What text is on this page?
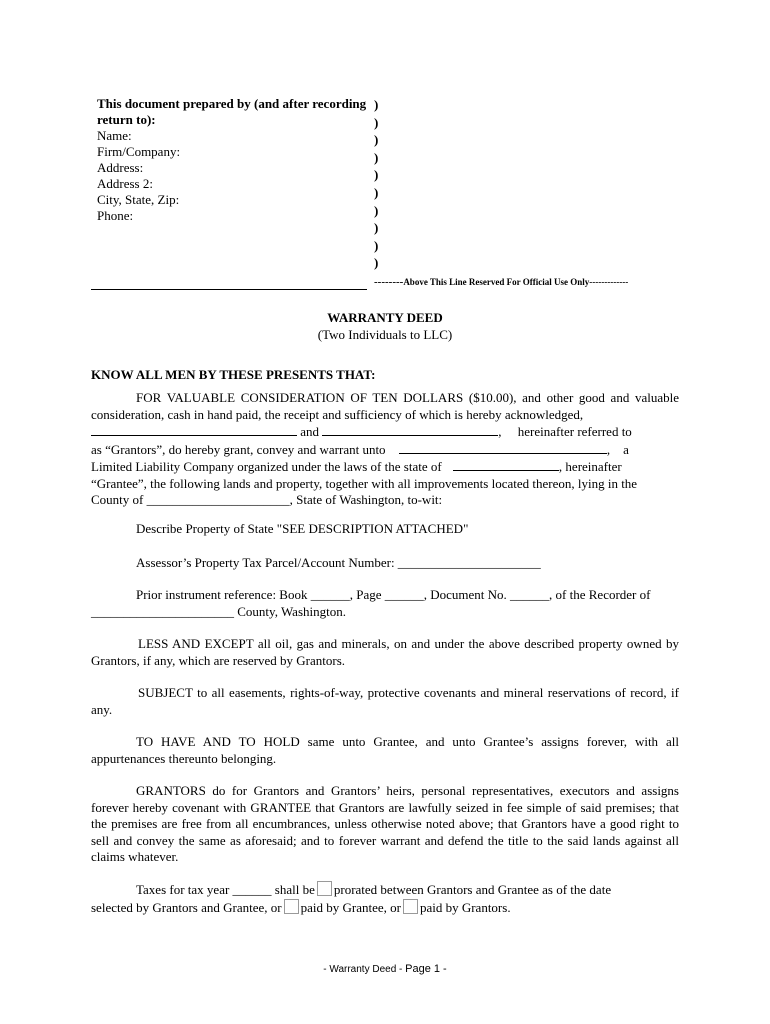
This document prepared by (and after recording
return to):
Name:
Firm/Company:
Address:
Address 2:
City, State, Zip:
Phone:
)
)
)
)
)
)
)
)
)
)
--------Above This Line Reserved For Official Use Only-------------
WARRANTY DEED
(Two Individuals to LLC)
KNOW ALL MEN BY THESE PRESENTS THAT:
FOR VALUABLE CONSIDERATION OF TEN DOLLARS ($10.00), and other good and valuable consideration, cash in hand paid, the receipt and sufficiency of which is hereby acknowledged,
and	,     hereinafter referred to
as “Grantors”, do hereby grant, convey and warrant unto	,    a
Limited Liability Company organized under the laws of the state of	, hereinafter
“Grantee”, the following lands and property, together with all improvements located thereon, lying in the
County of ______________________, State of Washington, to-wit:
Describe Property of State "SEE DESCRIPTION ATTACHED"
Assessor’s Property Tax Parcel/Account Number: ______________________
Prior instrument reference: Book ______, Page ______, Document No. ______, of the Recorder of
______________________ County, Washington.
LESS AND EXCEPT all oil, gas and minerals, on and under the above described property owned by Grantors, if any, which are reserved by Grantors.
SUBJECT to all easements, rights-of-way, protective covenants and mineral reservations of record, if any.
TO HAVE AND TO HOLD same unto Grantee, and unto Grantee’s assigns forever, with all appurtenances thereunto belonging.
GRANTORS do for Grantors and Grantors’ heirs, personal representatives, executors and assigns forever hereby covenant with GRANTEE that Grantors are lawfully seized in fee simple of said premises; that the premises are free from all encumbrances, unless otherwise noted above; that Grantors have a good right to sell and convey the same as aforesaid; and to forever warrant and defend the title to the said lands against all claims whatever.
Taxes for tax year ______ shall be prorated between Grantors and Grantee as of the date
selected by Grantors and Grantee, or paid by Grantee, or paid by Grantors.
- Warranty Deed - Page 1 -
